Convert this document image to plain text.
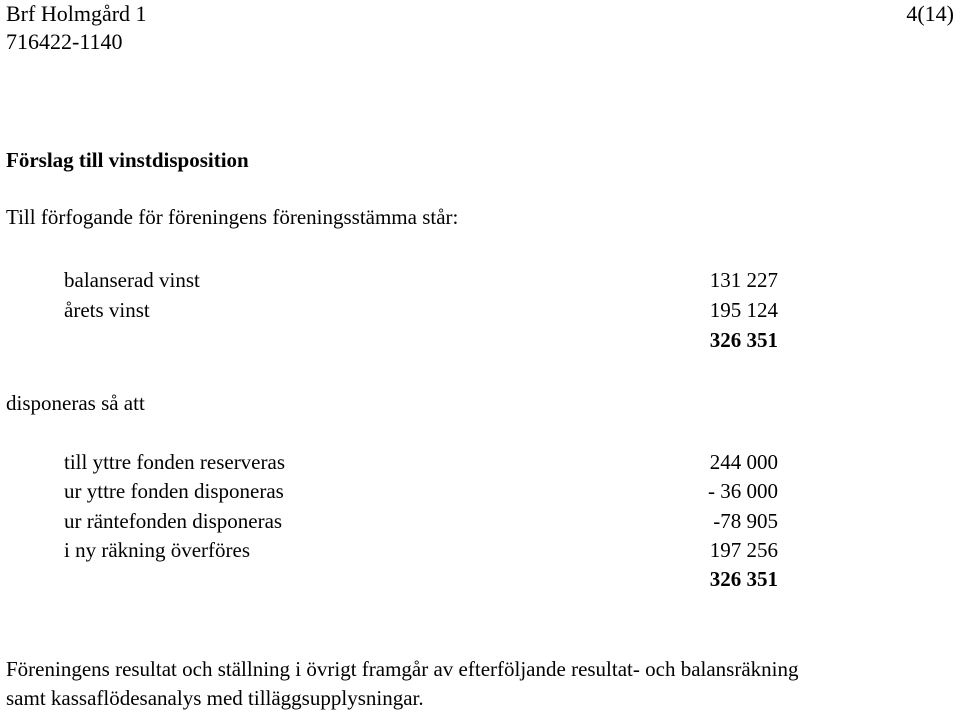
Brf Holmgård 1
716422-1140
4(14)
Förslag till vinstdisposition
Till förfogande för föreningens föreningsstämma står:
balanserad vinst	131 227
årets vinst	195 124
326 351
disponeras så att
till yttre fonden reserveras	244 000
ur yttre fonden disponeras	- 36 000
ur räntefonden disponeras	-78 905
i ny räkning överföres	197 256
326 351
Föreningens resultat och ställning i övrigt framgår av efterföljande resultat- och balansräkning
samt kassaflödesanalys med tilläggsupplysningar.
